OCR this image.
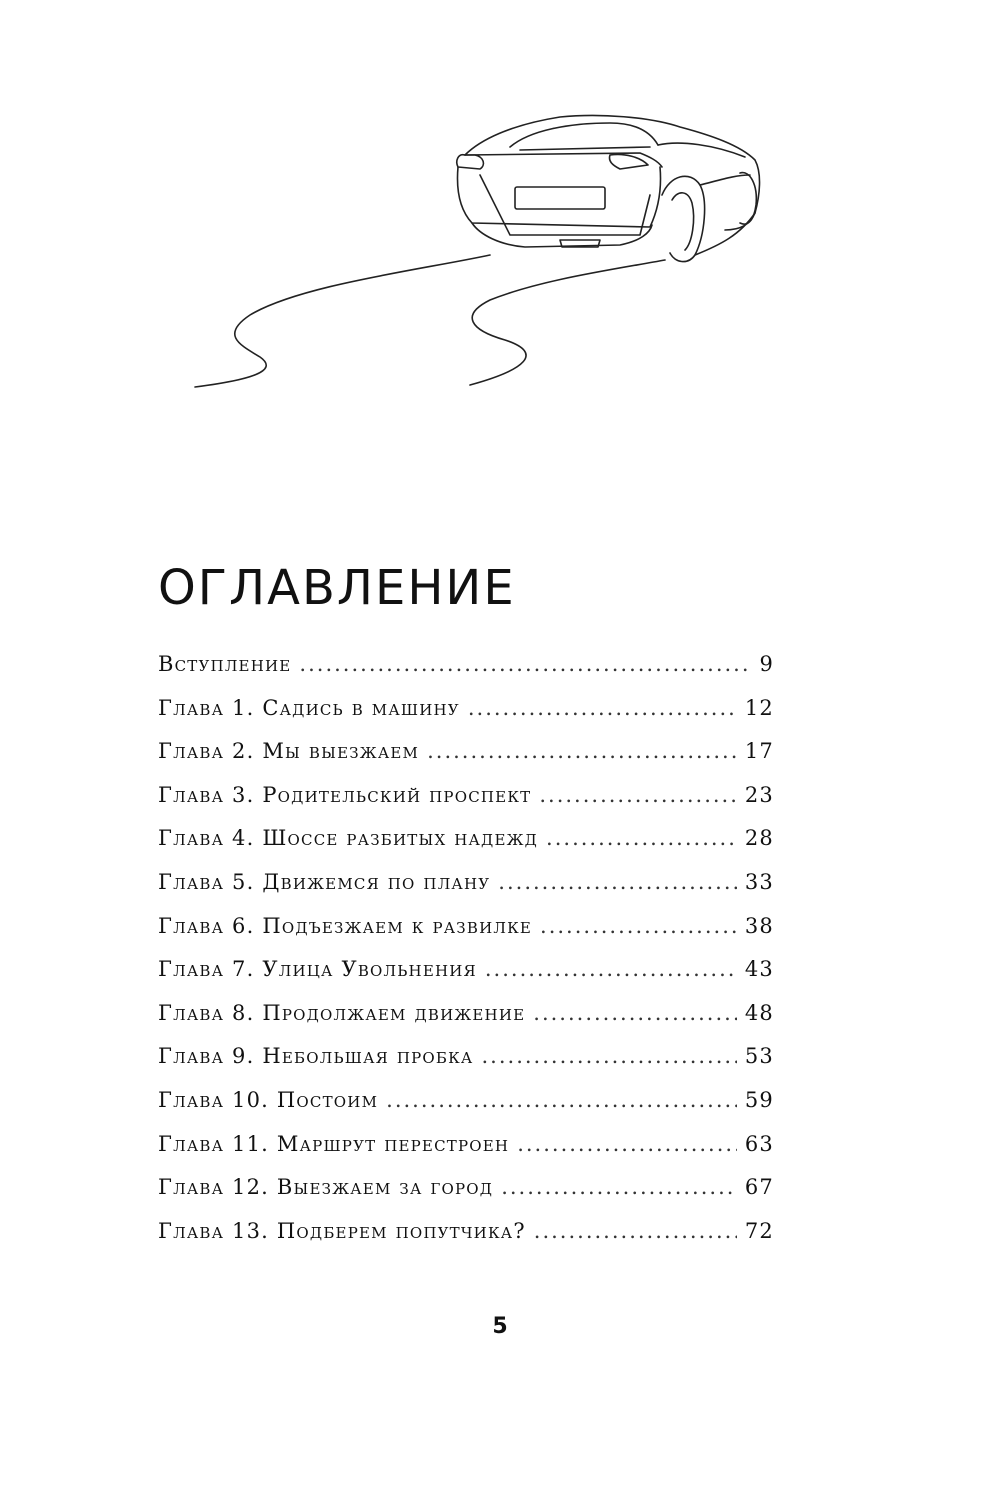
ОГЛАВЛЕНИЕ
Вступление .....	9
Глава 1. Садись в машину .....	12
Глава 2. Мы выезжаем .....	17
Глава 3. Родительский проспект .....	23
Глава 4. Шоссе разбитых надежд .....	28
Глава 5. Движемся по плану .....	33
Глава 6. Подъезжаем к развилке .....	38
Глава 7. Улица Увольнения .....	43
Глава 8. Продолжаем движение .....	48
Глава 9. Небольшая пробка .....	53
Глава 10. Постоим .....	59
Глава 11. Маршрут перестроен .....	63
Глава 12. Выезжаем за город .....	67
Глава 13. Подберем попутчика? .....	72
5
